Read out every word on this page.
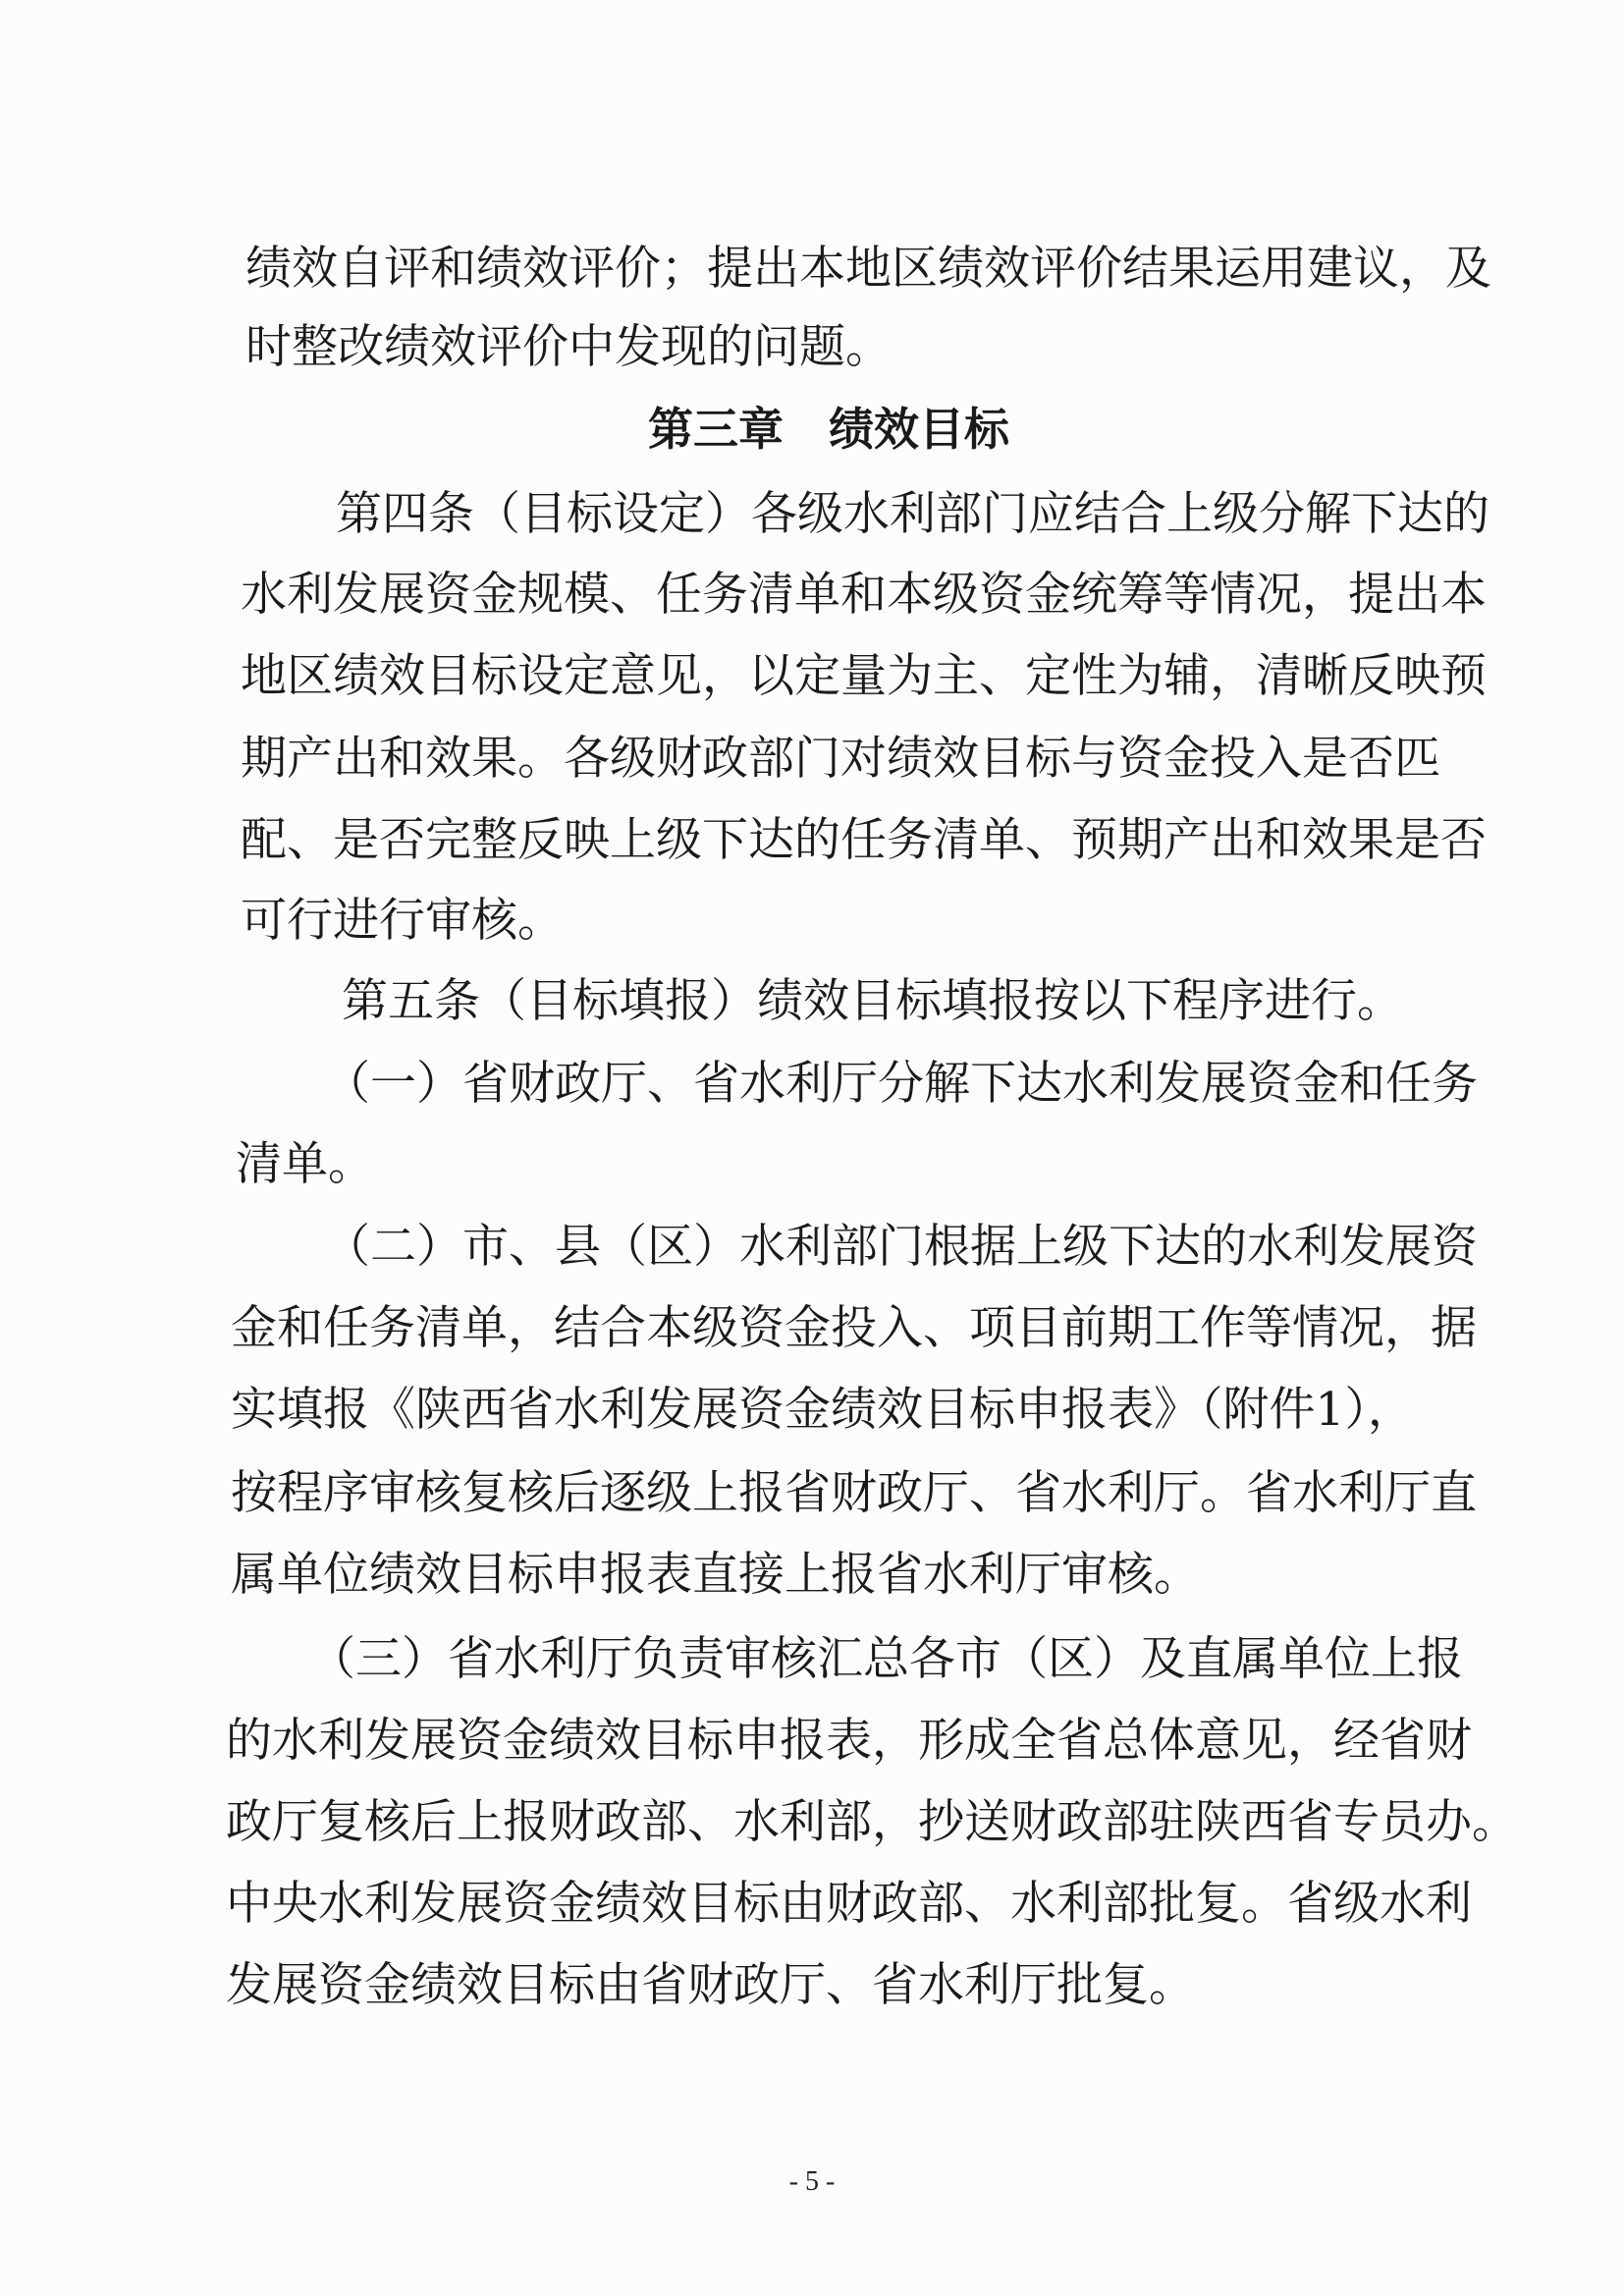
绩效自评和绩效评价；提出本地区绩效评价结果运用建议，及
时整改绩效评价中发现的问题。
第三章　绩效目标
第四条（目标设定）各级水利部门应结合上级分解下达的
水利发展资金规模、任务清单和本级资金统筹等情况，提出本
地区绩效目标设定意见，以定量为主、定性为辅，清晰反映预
期产出和效果。各级财政部门对绩效目标与资金投入是否匹
配、是否完整反映上级下达的任务清单、预期产出和效果是否
可行进行审核。
第五条（目标填报）绩效目标填报按以下程序进行。
（一）省财政厅、省水利厅分解下达水利发展资金和任务
清单。
（二）市、县（区）水利部门根据上级下达的水利发展资
金和任务清单，结合本级资金投入、项目前期工作等情况，据
实填报《陕西省水利发展资金绩效目标申报表》（附件1），
按程序审核复核后逐级上报省财政厅、省水利厅。省水利厅直
属单位绩效目标申报表直接上报省水利厅审核。
（三）省水利厅负责审核汇总各市（区）及直属单位上报
的水利发展资金绩效目标申报表，形成全省总体意见，经省财
政厅复核后上报财政部、水利部，抄送财政部驻陕西省专员办。
中央水利发展资金绩效目标由财政部、水利部批复。省级水利
发展资金绩效目标由省财政厅、省水利厅批复。
- 5 -
